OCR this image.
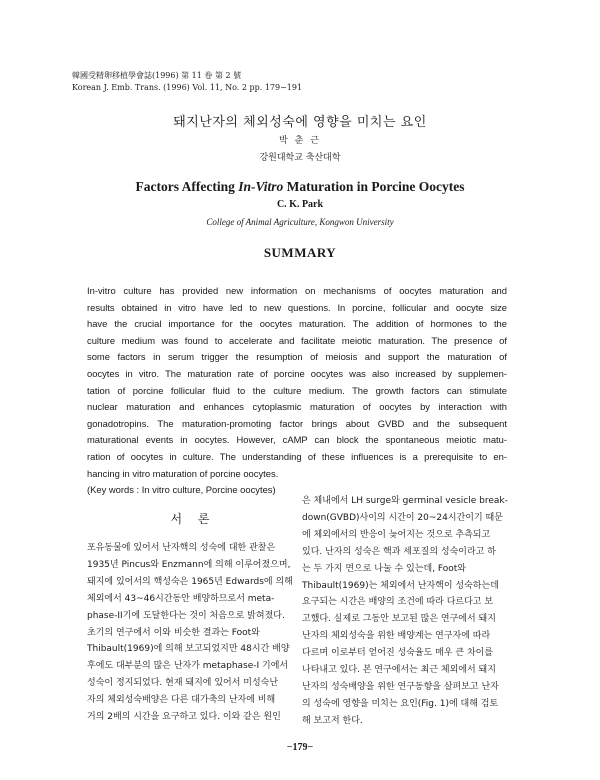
韓國受精卵移植學會誌(1996) 第 11 卷 第 2 號
Korean J. Emb. Trans. (1996) Vol. 11, No. 2 pp. 179~191
돼지난자의 체외성숙에 영향을 미치는 요인
박 춘 근
강원대학교 축산대학
Factors Affecting In-Vitro Maturation in Porcine Oocytes
C. K. Park
College of Animal Agriculture, Kongwon University
SUMMARY
In-vitro culture has provided new information on mechanisms of oocytes maturation and
results obtained in vitro have led to new questions. In porcine, follicular and oocyte size
have the crucial importance for the oocytes maturation. The addition of hormones to the
culture medium was found to accelerate and facilitate meiotic maturation. The presence of
some factors in serum trigger the resumption of meiosis and support the maturation of
oocytes in vitro. The maturation rate of porcine oocytes was also increased by supplemen-
tation of porcine follicular fluid to the culture medium. The growth factors can stimulate
nuclear maturation and enhances cytoplasmic maturation of oocytes by interaction with
gonadotropins. The maturation-promoting factor brings about GVBD and the subsequent
maturational events in oocytes. However, cAMP can block the spontaneous meiotic matu-
ration of oocytes in culture. The understanding of these influences is a prerequisite to en-
hancing in vitro maturation of porcine oocytes.
(Key words : In vitro culture, Porcine oocytes)
서 론
포유동물에 있어서 난자핵의 성숙에 대한 관찰은
1935년 Pincus와 Enzmann에 의해 이루어졌으며,
돼지에 있어서의 핵성숙은 1965년 Edwards에 의해
체외에서 43~46시간동안 배양하므로서 meta-
phase-II기에 도달한다는 것이 처음으로 밝혀졌다.
초기의 연구에서 이와 비슷한 결과는 Foot와
Thibault(1969)에 의해 보고되었지만 48시간 배양
후에도 대부분의 많은 난자가 metaphase-I 기에서
성숙이 정지되었다. 현재 돼지에 있어서 미성숙난
자의 체외성숙배양은 다른 대가축의 난자에 비해
거의 2배의 시간을 요구하고 있다. 이와 같은 원인
은 체내에서 LH surge와 germinal vesicle break-
down(GVBD)사이의 시간이 20~24시간이기 때문
에 체외에서의 반응이 늦어지는 것으로 추측되고
있다. 난자의 성숙은 핵과 세포질의 성숙이라고 하
는 두 가지 면으로 나눌 수 있는데, Foot와
Thibault(1969)는 체외에서 난자핵이 성숙하는데
요구되는 시간은 배양의 조건에 따라 다르다고 보
고했다. 실제로 그동안 보고된 많은 연구에서 돼지
난자의 체외성숙을 위한 배양계는 연구자에 따라
다르며 이로부터 얻어진 성숙율도 매우 큰 차이를
나타내고 있다. 본 연구에서는 최근 체외에서 돼지
난자의 성숙배양을 위한 연구동향을 살펴보고 난자
의 성숙에 영향을 미치는 요인(Fig. 1)에 대해 검토
해 보고저 한다.
−179−
